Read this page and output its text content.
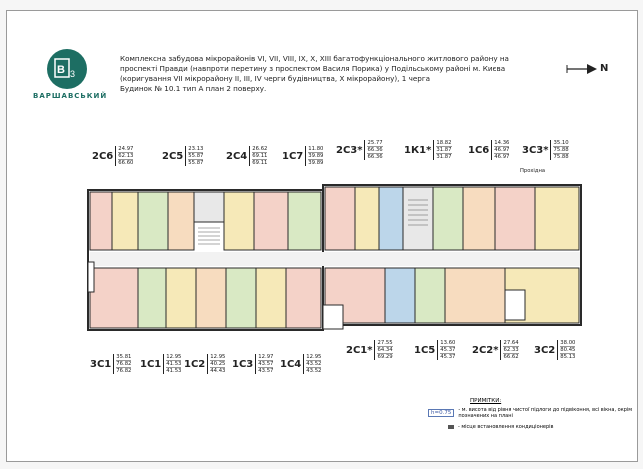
В 3
ВАРШАВСЬКИЙ
Комплексна забудова мікрорайонів VI, VII, VIII, IX, X, XIII багатофункціонального житлового району на
проспекті Правди (навпроти перетину з проспектом Василя Порика) у Подільському районі м. Києва
(коригування VII мікрорайону II, III, IV черги будівництва, X мікрорайону), 1 черга
Будинок № 10.1 тип А план 2 поверху.
N
2С6
24.97
62.13
66.60
2С5
23.13
55.87
55.87
2С4
26.62
69.11
69.11
1С7
11.80
39.89
39.89
2С3*
25.77
66.36
66.36
1К1*
18.82
31.87
31.87
1С6
14.36
46.97
46.97
3С3*
35.10
75.88
75.88
3С1
35.81
76.82
76.82
1С1
12.95
41.53
41.53
1С2
12.95
40.25
44.43
1С3
12.97
43.57
43.57
1С4
12.95
43.52
43.52
2С1*
27.55
64.34
69.29
1С5
13.60
45.37
45.37
2С2*
27.64
62.33
66.62
3С2
38.00
80.45
85.13
Прохідна
ПРИМІТКИ:
h=0.75	- м. висота від рівня чистої підлоги до підвіконня, всі вікна, окрім позначених на плані
- місце встановлення кондиціонерів
